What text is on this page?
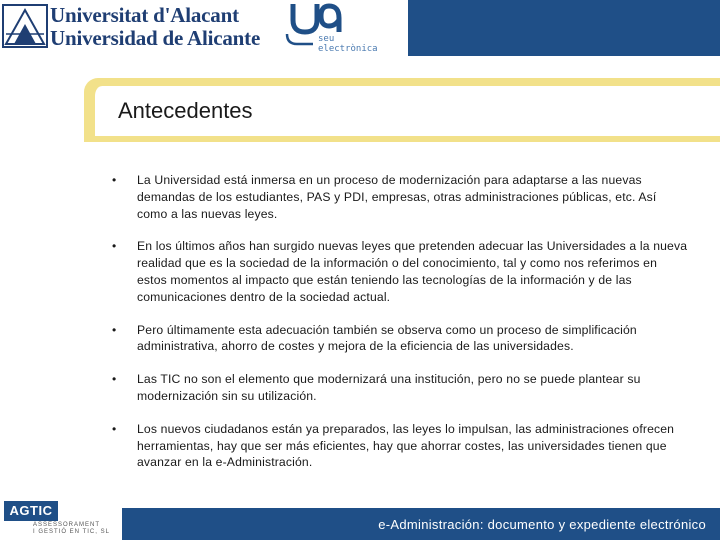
Universitat d'Alacant
Universidad de Alicante	seu
electrònica
Antecedentes
• La Universidad está inmersa en un proceso de modernización para adaptarse a las nuevas demandas de los estudiantes, PAS y PDI, empresas, otras administraciones públicas, etc. Así como a las nuevas leyes.
• En los últimos años han surgido nuevas leyes que pretenden adecuar las Universidades a la nueva realidad que es la sociedad de la información o del conocimiento, tal y como nos referimos en estos momentos al impacto que están teniendo las tecnologías de la información y de las comunicaciones dentro de la sociedad actual.
• Pero últimamente esta adecuación también se observa como un proceso de simplificación administrativa, ahorro de costes y mejora de la eficiencia de las universidades.
• Las TIC no son el elemento que modernizará una institución, pero no se puede plantear su modernización sin su utilización.
• Los nuevos ciudadanos están ya preparados, las leyes lo impulsan, las administraciones ofrecen herramientas, hay que ser más eficientes, hay que ahorrar costes, las universidades tienen que avanzar en la e-Administración.
AGTIC
ASSESSORAMENT
I GESTIÓ EN TIC, SL	e-Administración: documento y expediente electrónico
